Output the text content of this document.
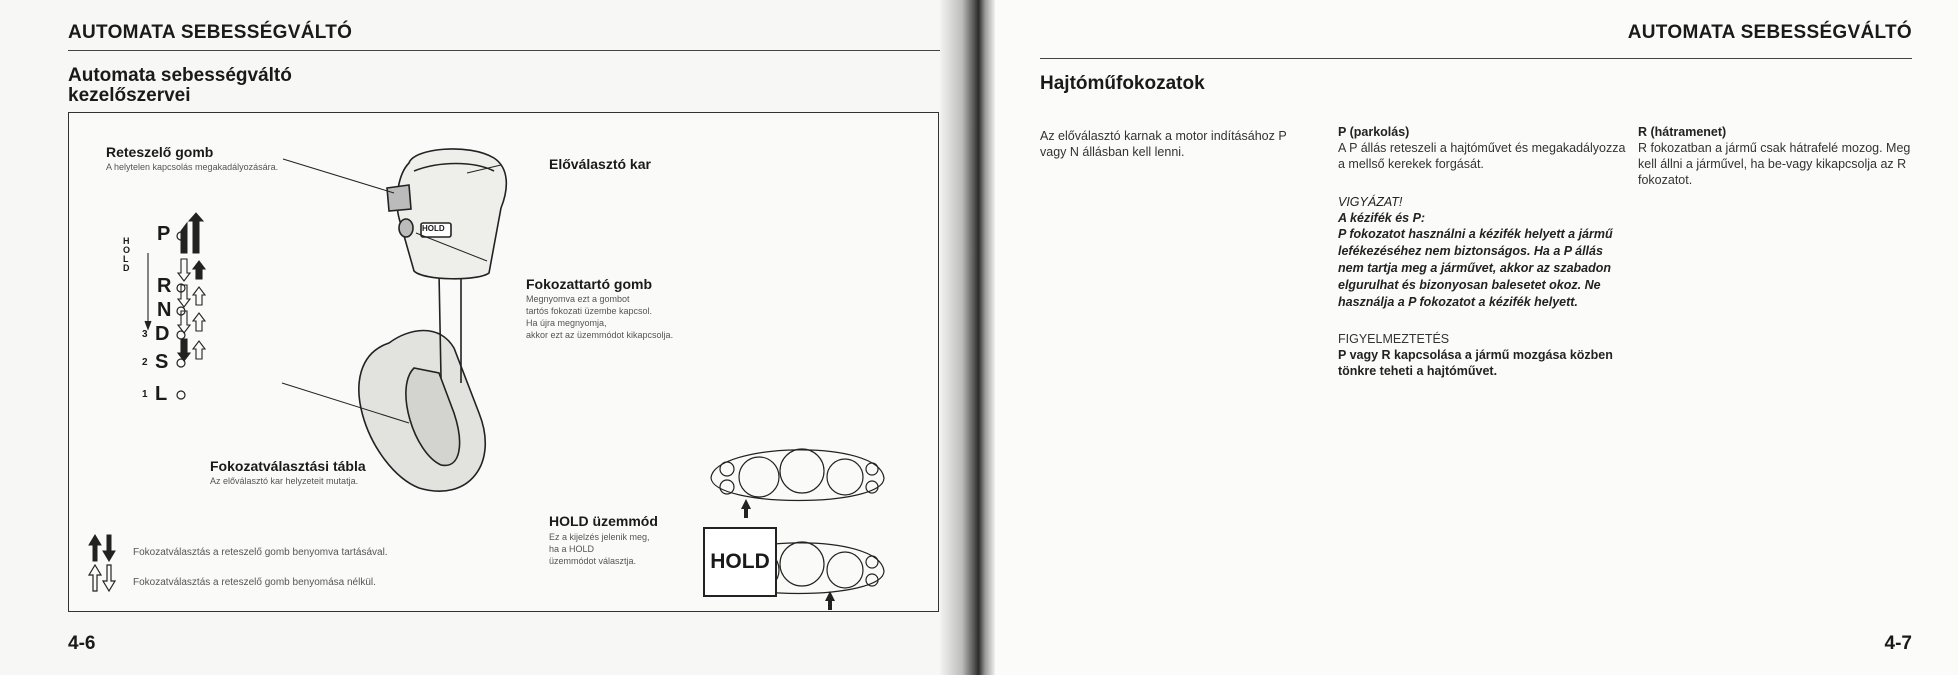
AUTOMATA SEBESSÉGVÁLTÓ
Automata sebességváltó
kezelőszervei
Reteszelő gomb
A helytelen kapcsolás megakadályozására.	Előválasztó kar
Fokozattartó gomb
Megnyomva ezt a gombot
tartós fokozati üzembe kapcsol.
Ha újra megnyomja,
akkor ezt az üzemmódot kikapcsolja.
Fokozatválasztási tábla
Az előválasztó kar helyzeteit mutatja.
HOLD üzemmód
Ez a kijelzés jelenik meg,
ha a HOLD
üzemmódot választja.
HOLD
HOLD
HOLD
P
R
N
3 D
2 S
1 L
Fokozatválasztás a reteszelő gomb benyomva tartásával.
Fokozatválasztás a reteszelő gomb benyomása nélkül.
4-6
AUTOMATA SEBESSÉGVÁLTÓ
Hajtóműfokozatok
Az előválasztó karnak a motor indításához P vagy N állásban kell lenni.
P (parkolás)
A P állás reteszeli a hajtóművet és megakadályozza a mellső kerekek forgását.
VIGYÁZAT!
A kézifék és P:
P fokozatot használni a kézifék helyett a jármű lefékezéséhez nem biztonságos. Ha a P állás nem tartja meg a járművet, akkor az szabadon elgurulhat és bizonyosan balesetet okoz. Ne használja a P fokozatot a kézifék helyett.
FIGYELMEZTETÉS
P vagy R kapcsolása a jármű mozgása közben tönkre teheti a hajtóművet.
R (hátramenet)
R fokozatban a jármű csak hátrafelé mozog. Meg kell állni a járművel, ha be-vagy kikapcsolja az R fokozatot.
4-7
